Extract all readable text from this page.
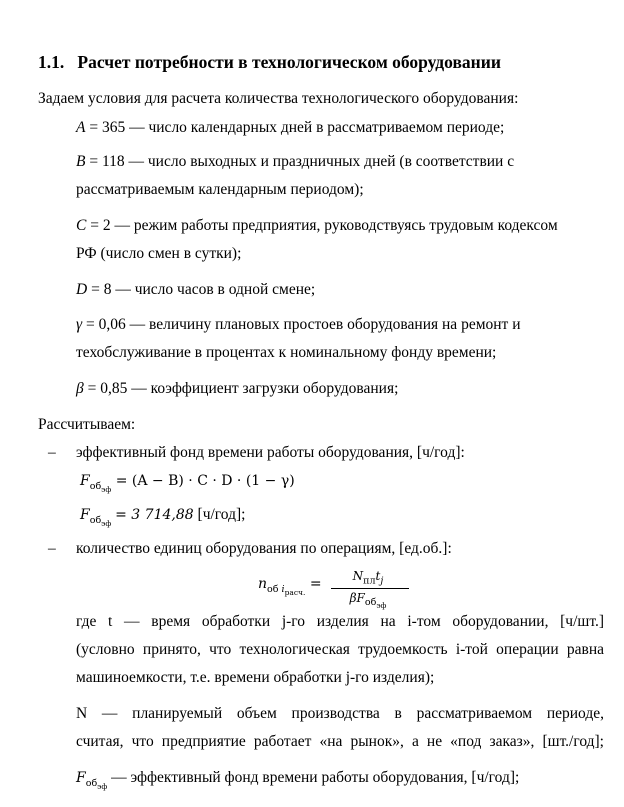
1.1. Расчет потребности в технологическом оборудовании
Задаем условия для расчета количества технологического оборудования:
A = 365 — число календарных дней в рассматриваемом периоде;
B = 118 — число выходных и праздничных дней (в соответствии с
рассматриваемым календарным периодом);
C = 2 — режим работы предприятия, руководствуясь трудовым кодексом
РФ (число смен в сутки);
D = 8 — число часов в одной смене;
γ = 0,06 — величину плановых простоев оборудования на ремонт и
техобслуживание в процентах к номинальному фонду времени;
β = 0,85 — коэффициент загрузки оборудования;
Рассчитываем:
– эффективный фонд времени работы оборудования, [ч/год]:
$F_{об_{эф}} = (A - B) \cdot C \cdot D \cdot (1 - \gamma)$
$F_{об_{эф}} = 3$ 714,88 [ч/год];
– количество единиц оборудования по операциям, [ед.об.]:
$n_{об i_{расч.}}$ =	$N_{пл}t_j$
$\beta F_{об_{эф}}$
где t — время обработки j-го изделия на i-том оборудовании, [ч/шт.]
(условно принято, что технологическая трудоемкость i-той операции равна
машиноемкости, т.е. времени обработки j-го изделия);
N — планируемый объем производства в рассматриваемом периоде,
считая, что предприятие работает «на рынок», а не «под заказ», [шт./год];
$F_{об_{эф}}$ — эффективный фонд времени работы оборудования, [ч/год];
